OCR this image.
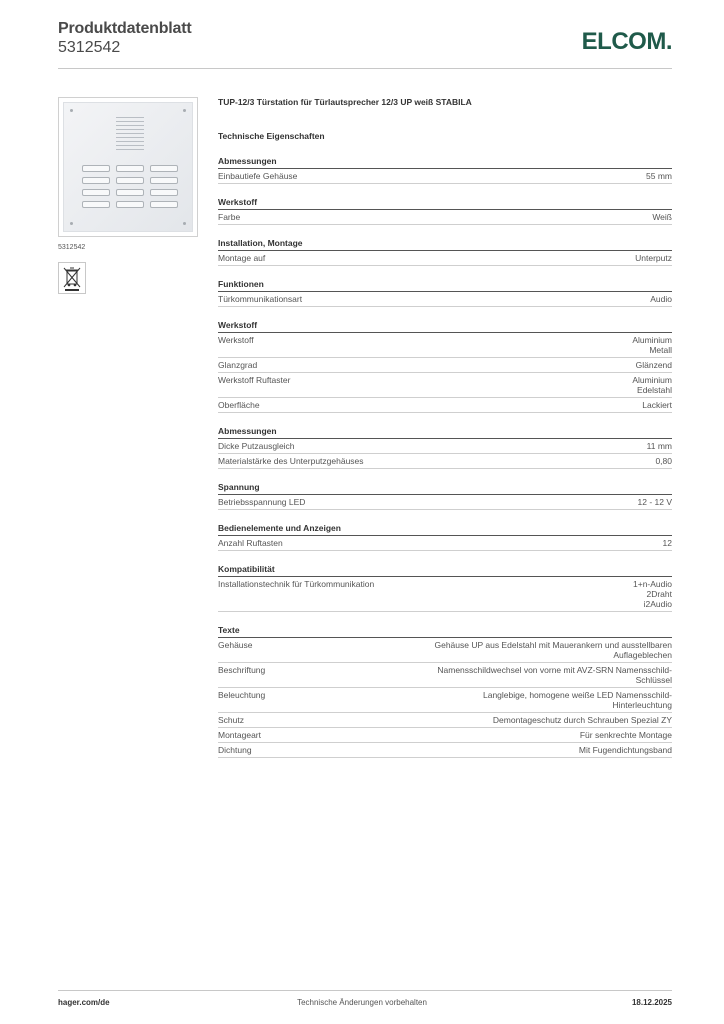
Produktdatenblatt
5312542	ELCOM.
5312542
TUP-12/3 Türstation für Türlautsprecher 12/3 UP weiß STABILA
Technische Eigenschaften
Abmessungen
Einbautiefe Gehäuse	55 mm
Werkstoff
Farbe	Weiß
Installation, Montage
Montage auf	Unterputz
Funktionen
Türkommunikationsart	Audio
Werkstoff
Werkstoff	Aluminium
Metall
Glanzgrad	Glänzend
Werkstoff Ruftaster	Aluminium
Edelstahl
Oberfläche	Lackiert
Abmessungen
Dicke Putzausgleich	11 mm
Materialstärke des Unterputzgehäuses	0,80
Spannung
Betriebsspannung LED	12 - 12 V
Bedienelemente und Anzeigen
Anzahl Ruftasten	12
Kompatibilität
Installationstechnik für Türkommunikation	1+n-Audio
2Draht
i2Audio
Texte
Gehäuse	Gehäuse UP aus Edelstahl mit Mauerankern und ausstellbaren
Auflageblechen
Beschriftung	Namensschildwechsel von vorne mit AVZ-SRN Namensschild-
Schlüssel
Beleuchtung	Langlebige, homogene weiße LED Namensschild-
Hinterleuchtung
Schutz	Demontageschutz durch Schrauben Spezial ZY
Montageart	Für senkrechte Montage
Dichtung	Mit Fugendichtungsband
hager.com/de	Technische Änderungen vorbehalten	18.12.2025
